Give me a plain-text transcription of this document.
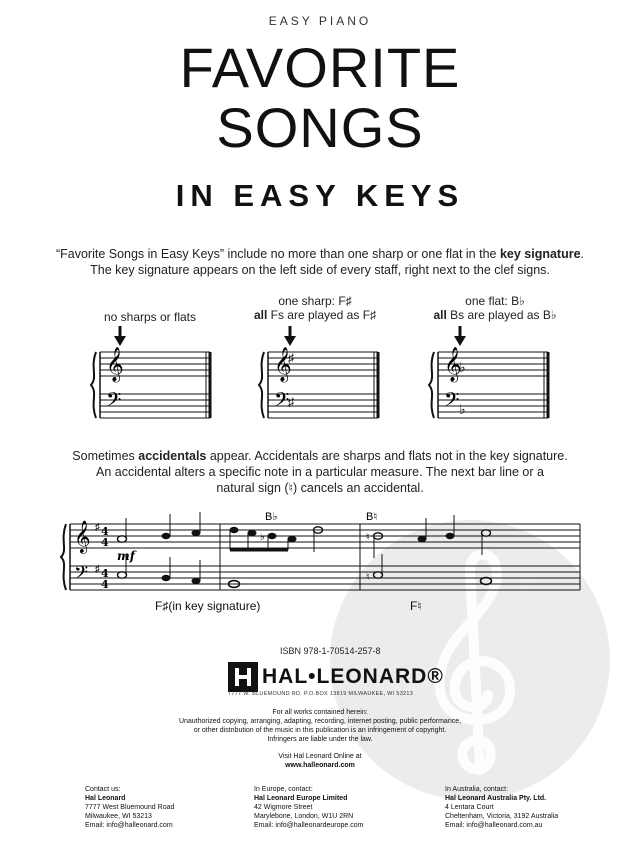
alle-noten.de
EASY PIANO
FAVORITE
SONGS
IN EASY KEYS
“Favorite Songs in Easy Keys” include no more than one sharp or one flat in the key signature.
The key signature appears on the left side of every staff, right next to the clef signs.
no sharps or flats
one sharp: F♯
all Fs are played as F♯
one flat: B♭
all Bs are played as B♭
𝄞
𝄢
♯
♯
♭
♭
Sometimes accidentals appear. Accidentals are sharps and flats not in the key signature.
An accidental alters a specific note in a particular measure. The next bar line or a
natural sign (♮) cancels an accidental.
𝄞
𝄢
♯
♯
4
4
4
4
mf
♭
B♭	B♮
♮
♮
F♯(in key signature)	F♮
ISBN 978-1-70514-257-8
HAL•LEONARD®
7777 W. BLUEMOUND RD. P.O.BOX 13819 MILWAUKEE, WI 53213
For all works contained herein:
Unauthorized copying, arranging, adapting, recording, internet posting, public performance,
or other distribution of the music in this publication is an infringement of copyright.
Infringers are liable under the law.
Visit Hal Leonard Online at
www.halleonard.com
Contact us:
Hal Leonard
7777 West Bluemound Road
Milwaukee, WI 53213
Email: info@halleonard.com
In Europe, contact:
Hal Leonard Europe Limited
42 Wigmore Street
Marylebone, London, W1U 2RN
Email: info@halleonardeurope.com
In Australia, contact:
Hal Leonard Australia Pty. Ltd.
4 Lentara Court
Cheltenham, Victoria, 3192 Australia
Email: info@halleonard.com.au
